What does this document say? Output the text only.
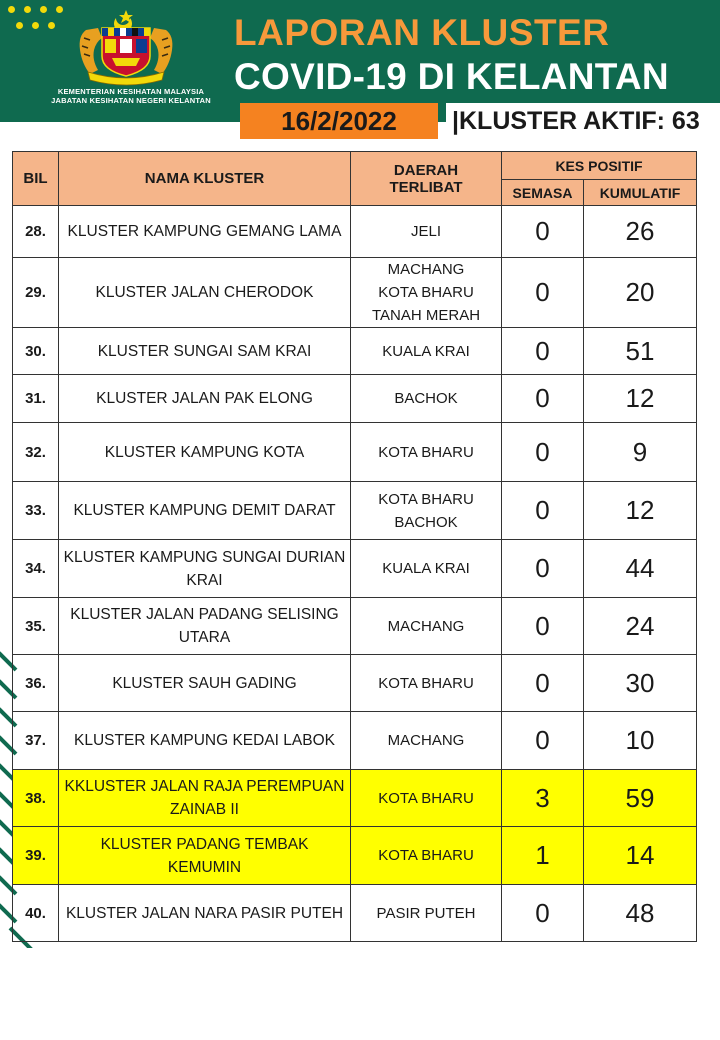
KEMENTERIAN KESIHATAN MALAYSIA
JABATAN KESIHATAN NEGERI KELANTAN
LAPORAN KLUSTER
COVID-19 DI KELANTAN
16/2/2022	|KLUSTER AKTIF: 63
BIL	NAMA KLUSTER	DAERAH
TERLIBAT	KES POSITIF	
			SEMASA	KUMULATIF
28.	KLUSTER KAMPUNG GEMANG LAMA	JELI	0	26
29.	KLUSTER JALAN CHERODOK	MACHANG
KOTA BHARU
TANAH MERAH	0	20
30.	KLUSTER SUNGAI SAM KRAI	KUALA KRAI	0	51
31.	KLUSTER JALAN PAK ELONG	BACHOK	0	12
32.	KLUSTER KAMPUNG KOTA	KOTA BHARU	0	9
33.	KLUSTER KAMPUNG DEMIT DARAT	KOTA BHARU
BACHOK	0	12
34.	KLUSTER KAMPUNG SUNGAI DURIAN KRAI	KUALA KRAI	0	44
35.	KLUSTER JALAN PADANG SELISING UTARA	MACHANG	0	24
36.	KLUSTER SAUH GADING	KOTA BHARU	0	30
37.	KLUSTER KAMPUNG KEDAI LABOK	MACHANG	0	10
38.	KKLUSTER JALAN RAJA PEREMPUAN ZAINAB II	KOTA BHARU	3	59
39.	KLUSTER PADANG TEMBAK KEMUMIN	KOTA BHARU	1	14
40.	KLUSTER JALAN NARA PASIR PUTEH	PASIR PUTEH	0	48
